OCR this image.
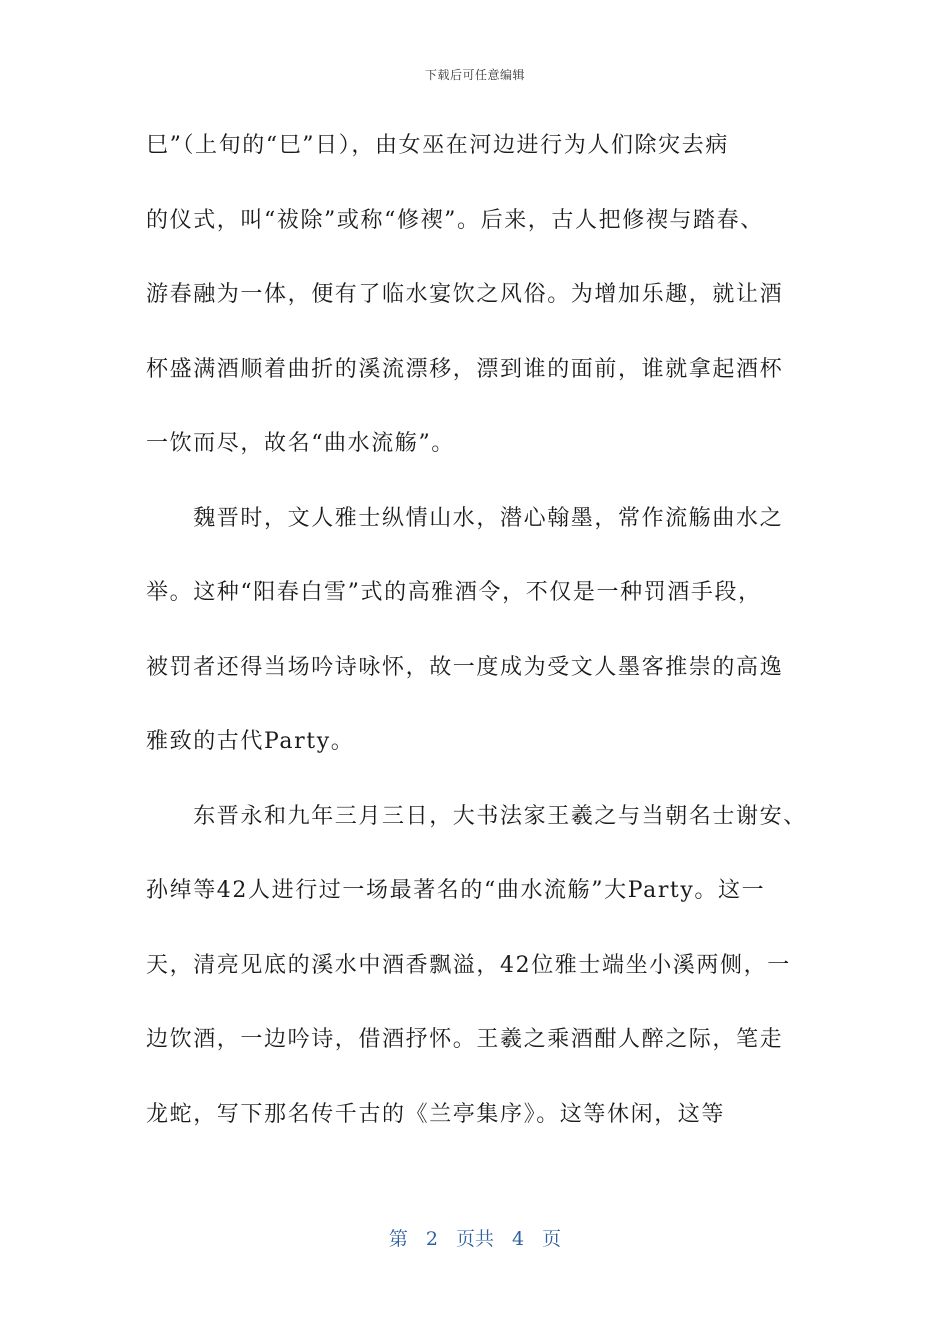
下载后可任意编辑
巳”（上旬的“巳”日），由女巫在河边进行为人们除灾去病
的仪式，叫“祓除”或称“修禊”。后来，古人把修禊与踏春、
游春融为一体，便有了临水宴饮之风俗。为增加乐趣，就让酒
杯盛满酒顺着曲折的溪流漂移，漂到谁的面前，谁就拿起酒杯
一饮而尽，故名“曲水流觞”。
　　魏晋时，文人雅士纵情山水，潜心翰墨，常作流觞曲水之
举。这种“阳春白雪”式的高雅酒令，不仅是一种罚酒手段，
被罚者还得当场吟诗咏怀，故一度成为受文人墨客推崇的高逸
雅致的古代Party。
　　东晋永和九年三月三日，大书法家王羲之与当朝名士谢安、
孙绰等42人进行过一场最著名的“曲水流觞”大Party。这一
天，清亮见底的溪水中酒香飘溢，42位雅士端坐小溪两侧，一
边饮酒，一边吟诗，借酒抒怀。王羲之乘酒酣人醉之际，笔走
龙蛇，写下那名传千古的《兰亭集序》。这等休闲，这等
第 2 页共 4 页
